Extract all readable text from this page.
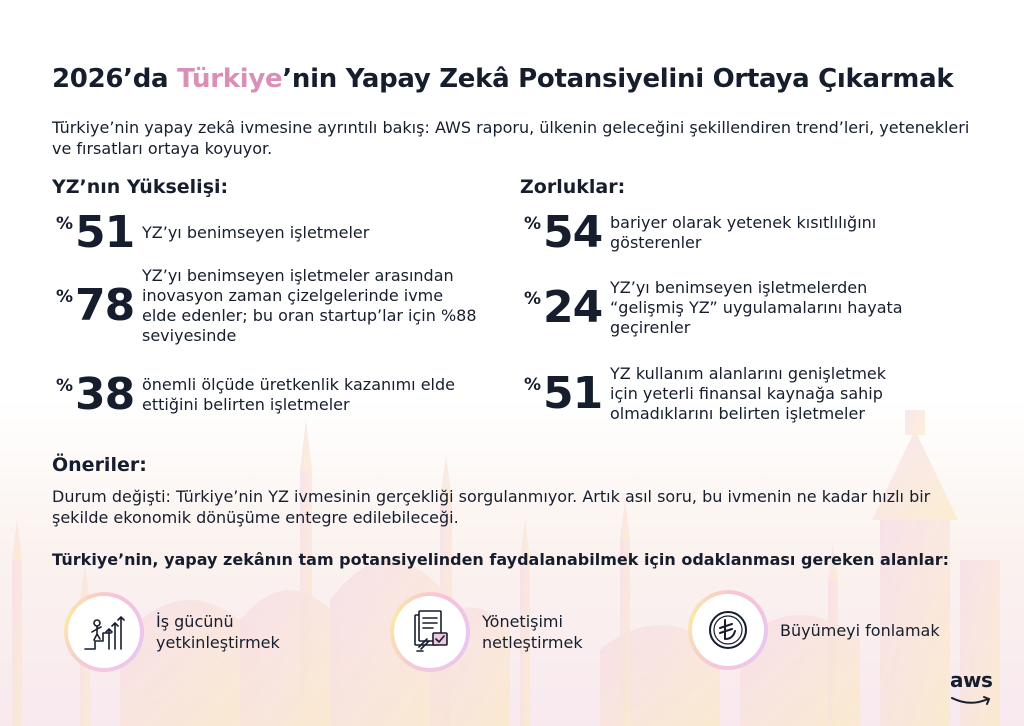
2026’da Türkiye’nin Yapay Zekâ Potansiyelini Ortaya Çıkarmak
Türkiye’nin yapay zekâ ivmesine ayrıntılı bakış: AWS raporu, ülkenin geleceğini şekillendiren trend’leri, yetenekleri ve fırsatları ortaya koyuyor.
YZ’nın Yükselişi:
% 51 YZ’yı benimseyen işletmeler
% 78
YZ’yı benimseyen işletmeler arasından inovasyon zaman çizelgelerinde ivme elde edenler; bu oran startup’lar için %88 seviyesinde
% 38 önemli ölçüde üretkenlik kazanımı elde ettiğini belirten işletmeler
Zorluklar:
% 54 bariyer olarak yetenek kısıtlılığını gösterenler
% 24 YZ’yı benimseyen işletmelerden “gelişmiş YZ” uygulamalarını hayata geçirenler
% 51 YZ kullanım alanlarını genişletmek için yeterli finansal kaynağa sahip olmadıklarını belirten işletmeler
Öneriler:
Durum değişti: Türkiye’nin YZ ivmesinin gerçekliği sorgulanmıyor. Artık asıl soru, bu ivmenin ne kadar hızlı bir şekilde ekonomik dönüşüme entegre edilebileceği.
Türkiye’nin, yapay zekânın tam potansiyelinden faydalanabilmek için odaklanması gereken alanlar:
İş gücünü
yetkinleştirmek
Yönetişimi
netleştirmek
Büyümeyi fonlamak
aws
